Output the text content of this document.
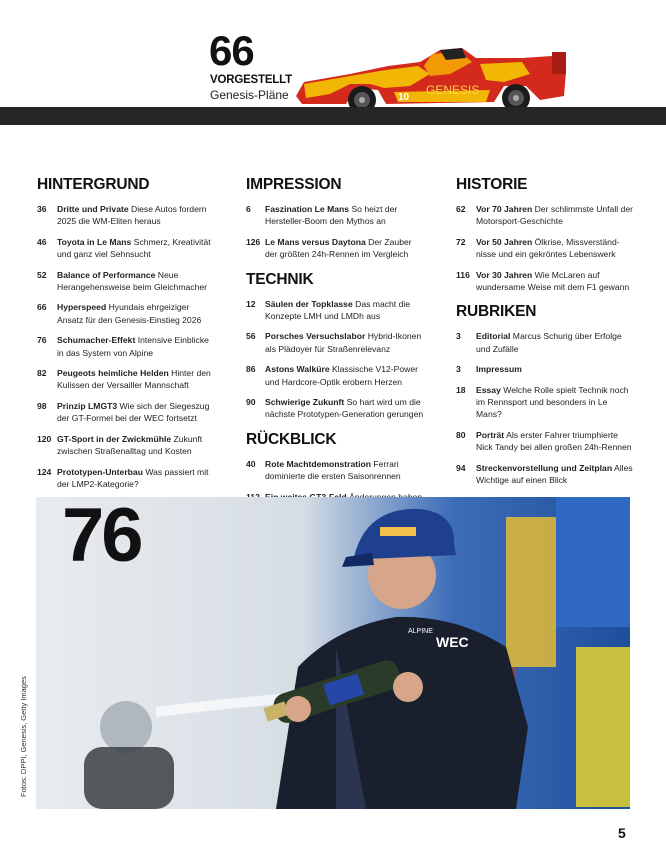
66
VORGESTELLT
Genesis-Pläne	10
GENESIS
HINTERGRUND
36	Dritte und Private Diese Autos fordern 2025 die WM-Eliten heraus
46	Toyota in Le Mans Schmerz, Kreativität und ganz viel Sehnsucht
52	Balance of Performance Neue Herangehensweise beim Gleichmacher
66	Hyperspeed Hyundais ehrgeiziger Ansatz für den Genesis-Einstieg 2026
76	Schumacher-Effekt Intensive Einblicke in das System von Alpine
82	Peugeots heimliche Helden Hinter den Kulissen der Versailler Mannschaft
98	Prinzip LMGT3 Wie sich der Siegeszug der GT-Formel bei der WEC fortsetzt
120 GT-Sport in der Zwickmühle Zukunft zwischen Straßenalltag und Kosten
124 Prototypen-Unterbau Was passiert mit der LMP2-Kategorie?
IMPRESSION
6	Faszination Le Mans So heizt der Hersteller-Boom den Mythos an
126 Le Mans versus Daytona Der Zauber der größten 24h-Rennen im Vergleich
TECHNIK
12	Säulen der Topklasse Das macht die Konzepte LMH und LMDh aus
56	Porsches Versuchslabor Hybrid-Ikonen als Plädoyer für Straßenrelevanz
86	Astons Walküre Klassische V12-Power und Hardcore-Optik erobern Herzen
90	Schwierige Zukunft So hart wird um die nächste Prototypen-Generation gerungen
RÜCKBLICK
40	Rote Machtdemonstration Ferrari dominierte die ersten Saisonrennen
HISTORIE
62	Vor 70 Jahren Der schlimmste Unfall der Motorsport-Geschichte
72	Vor 50 Jahren Ölkrise, Missverständ-nisse und ein gekröntes Lebenswerk
116 Vor 30 Jahren Wie McLaren auf wundersame Weise mit dem F1 gewann
RUBRIKEN
3	Editorial Marcus Schurig über Erfolge und Zufälle
3	Impressum
18	Essay Welche Rolle spielt Technik noch im Rennsport und besonders in Le Mans?
80	Porträt Als erster Fahrer triumphierte Nick Tandy bei allen großen 24h-Rennen
94	Streckenvorstellung und Zeitplan Alles Wichtige auf einen Blick
WEC
ALPINE
76
Fotos: DPPI, Genesis, Getty Images
5
